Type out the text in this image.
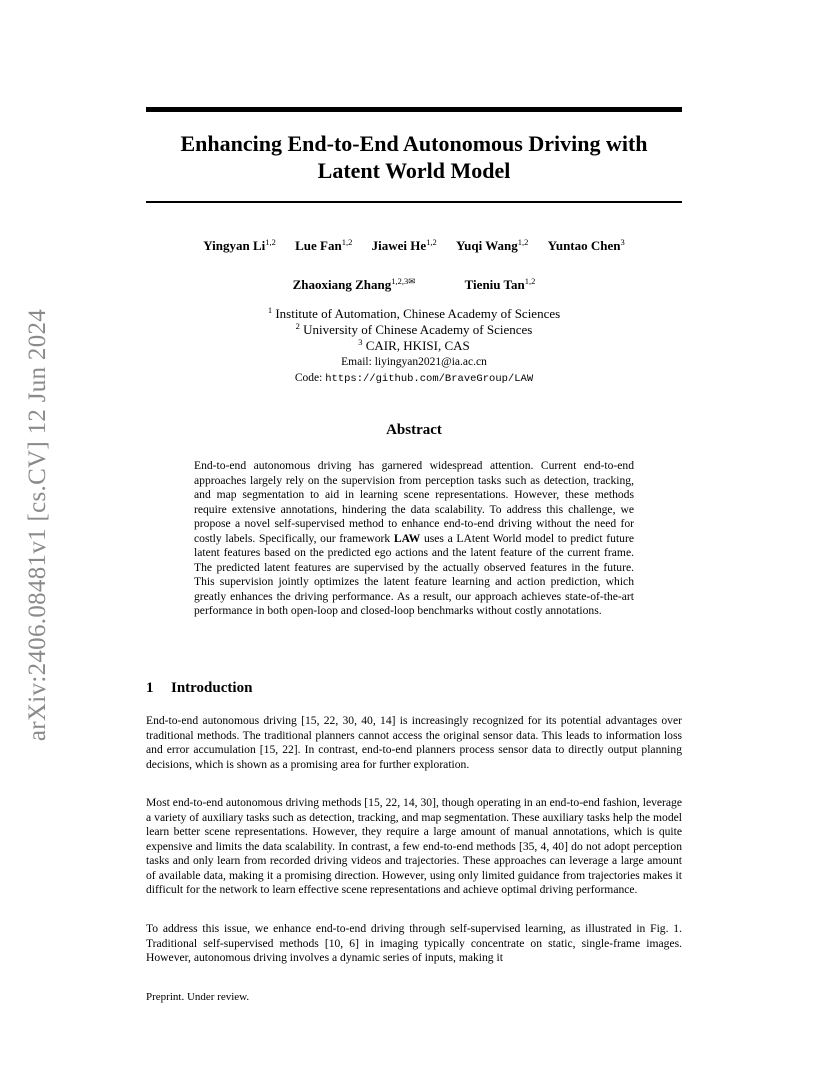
arXiv:2406.08481v1 [cs.CV] 12 Jun 2024
Enhancing End-to-End Autonomous Driving with
Latent World Model
Yingyan Li$^{1,2}$ Lue Fan$^{1,2}$ Jiawei He$^{1,2}$ Yuqi Wang$^{1,2}$ Yuntao Chen$^3$
Zhaoxiang Zhang$^{1,2,3✉}$	Tieniu Tan$^{1,2}$
$^1$ Institute of Automation, Chinese Academy of Sciences
$^2$ University of Chinese Academy of Sciences
$^3$ CAIR, HKISI, CAS
Email: liyingyan2021@ia.ac.cn
Code: https://github.com/BraveGroup/LAW
Abstract

End-to-end autonomous driving has garnered widespread attention. Current end-to-end approaches largely rely on the supervision from perception tasks such as detection, tracking, and map segmentation to aid in learning scene representations. However, these methods require extensive annotations, hindering the data scalability. To address this challenge, we propose a novel self-supervised method to enhance end-to-end driving without the need for costly labels. Specifically, our framework LAW uses a LAtent World model to predict future latent features based on the predicted ego actions and the latent feature of the current frame. The predicted latent features are supervised by the actually observed features in the future. This supervision jointly optimizes the latent feature learning and action prediction, which greatly enhances the driving performance. As a result, our approach achieves state-of-the-art performance in both open-loop and closed-loop benchmarks without costly annotations.

1 Introduction

End-to-end autonomous driving [15, 22, 30, 40, 14] is increasingly recognized for its potential advantages over traditional methods. The traditional planners cannot access the original sensor data. This leads to information loss and error accumulation [15, 22]. In contrast, end-to-end planners process sensor data to directly output planning decisions, which is shown as a promising area for further exploration.

Most end-to-end autonomous driving methods [15, 22, 14, 30], though operating in an end-to-end fashion, leverage a variety of auxiliary tasks such as detection, tracking, and map segmentation. These auxiliary tasks help the model learn better scene representations. However, they require a large amount of manual annotations, which is quite expensive and limits the data scalability. In contrast, a few end-to-end methods [35, 4, 40] do not adopt perception tasks and only learn from recorded driving videos and trajectories. These approaches can leverage a large amount of available data, making it a promising direction. However, using only limited guidance from trajectories makes it difficult for the network to learn effective scene representations and achieve optimal driving performance.

To address this issue, we enhance end-to-end driving through self-supervised learning, as illustrated in Fig. 1. Traditional self-supervised methods [10, 6] in imaging typically concentrate on static, single-frame images. However, autonomous driving involves a dynamic series of inputs, making it

Preprint. Under review.
